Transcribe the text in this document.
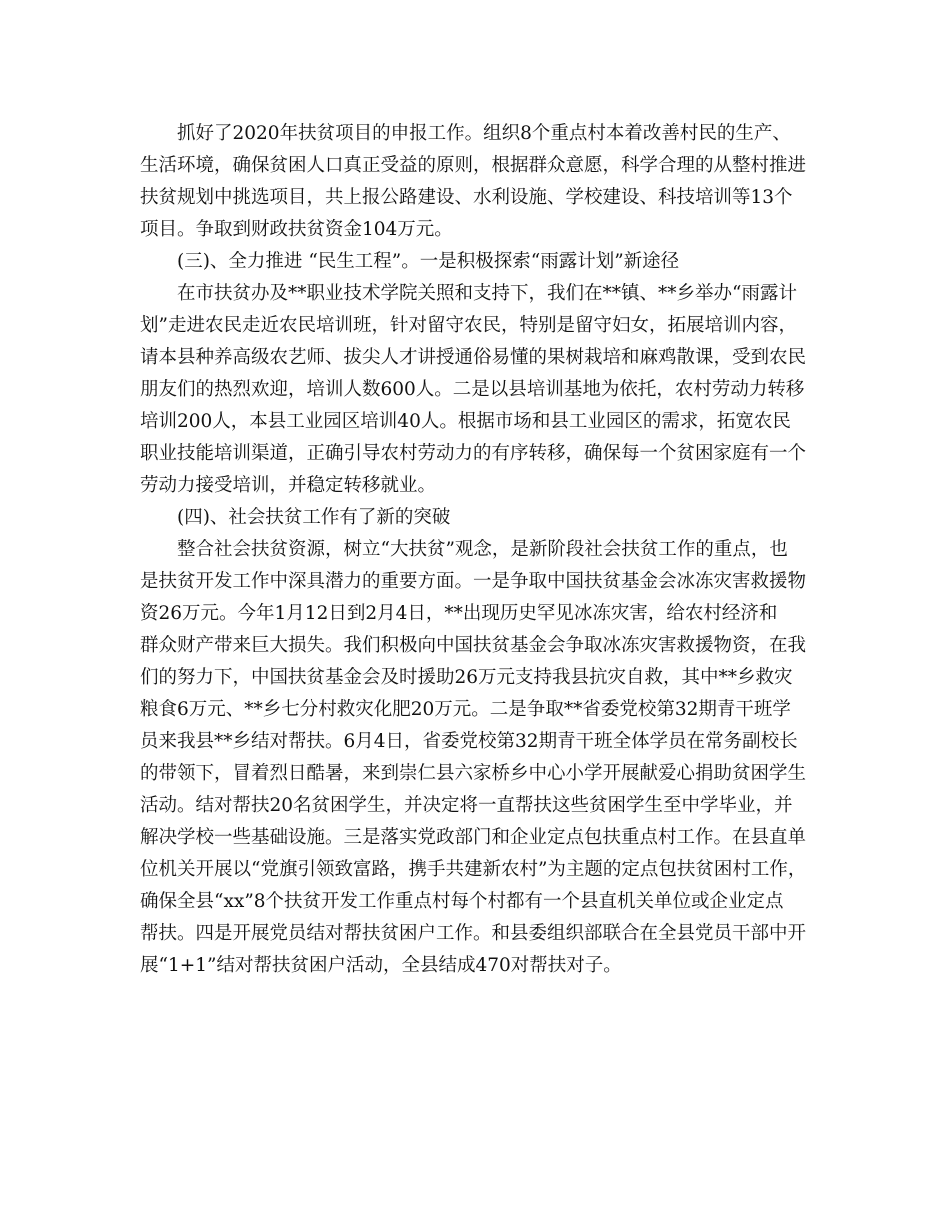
抓好了2020年扶贫项目的申报工作。组织8个重点村本着改善村民的生产、
生活环境，确保贫困人口真正受益的原则，根据群众意愿，科学合理的从整村推进
扶贫规划中挑选项目，共上报公路建设、水利设施、学校建设、科技培训等13个
项目。争取到财政扶贫资金104万元。
(三)、全力推进 “民生工程”。一是积极探索“雨露计划”新途径
在市扶贫办及**职业技术学院关照和支持下，我们在**镇、**乡举办“雨露计
划”走进农民走近农民培训班，针对留守农民，特别是留守妇女，拓展培训内容，
请本县种养高级农艺师、拔尖人才讲授通俗易懂的果树栽培和麻鸡散课，受到农民
朋友们的热烈欢迎，培训人数600人。二是以县培训基地为依托，农村劳动力转移
培训200人，本县工业园区培训40人。根据市场和县工业园区的需求，拓宽农民
职业技能培训渠道，正确引导农村劳动力的有序转移，确保每一个贫困家庭有一个
劳动力接受培训，并稳定转移就业。
(四)、社会扶贫工作有了新的突破
整合社会扶贫资源，树立“大扶贫”观念，是新阶段社会扶贫工作的重点，也
是扶贫开发工作中深具潜力的重要方面。一是争取中国扶贫基金会冰冻灾害救援物
资26万元。今年1月12日到2月4日，**出现历史罕见冰冻灾害，给农村经济和
群众财产带来巨大损失。我们积极向中国扶贫基金会争取冰冻灾害救援物资，在我
们的努力下，中国扶贫基金会及时援助26万元支持我县抗灾自救，其中**乡救灾
粮食6万元、**乡七分村救灾化肥20万元。二是争取**省委党校第32期青干班学
员来我县**乡结对帮扶。6月4日，省委党校第32期青干班全体学员在常务副校长
的带领下，冒着烈日酷暑，来到崇仁县六家桥乡中心小学开展献爱心捐助贫困学生
活动。结对帮扶20名贫困学生，并决定将一直帮扶这些贫困学生至中学毕业，并
解决学校一些基础设施。三是落实党政部门和企业定点包扶重点村工作。在县直单
位机关开展以“党旗引领致富路，携手共建新农村”为主题的定点包扶贫困村工作，
确保全县“xx”8个扶贫开发工作重点村每个村都有一个县直机关单位或企业定点
帮扶。四是开展党员结对帮扶贫困户工作。和县委组织部联合在全县党员干部中开
展“1+1”结对帮扶贫困户活动，全县结成470对帮扶对子。
